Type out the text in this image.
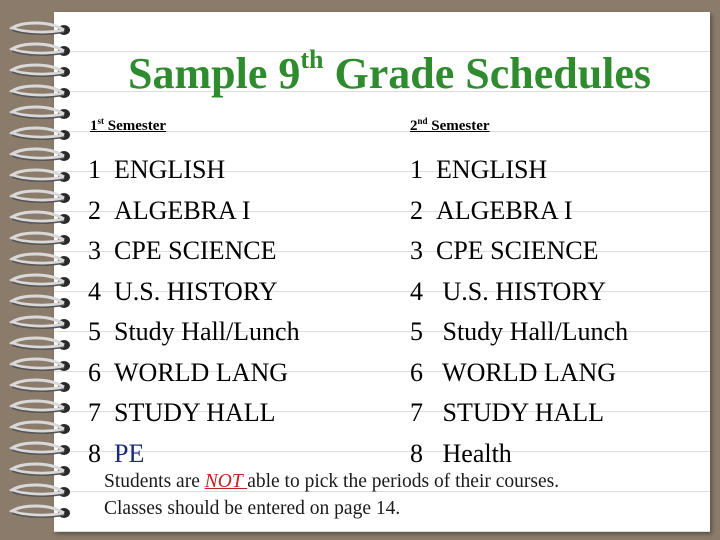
Sample 9th Grade Schedules
1st Semester	2nd Semester
1 ENGLISH
2 ALGEBRA I
3 CPE SCIENCE
4 U.S. HISTORY
5 Study Hall/Lunch
6 WORLD LANG
7 STUDY HALL
8 PE
1 ENGLISH
2 ALGEBRA I
3 CPE SCIENCE
4 U.S. HISTORY
5 Study Hall/Lunch
6 WORLD LANG
7 STUDY HALL
8 Health
Students are NOT able to pick the periods of their courses.
Classes should be entered on page 14.
